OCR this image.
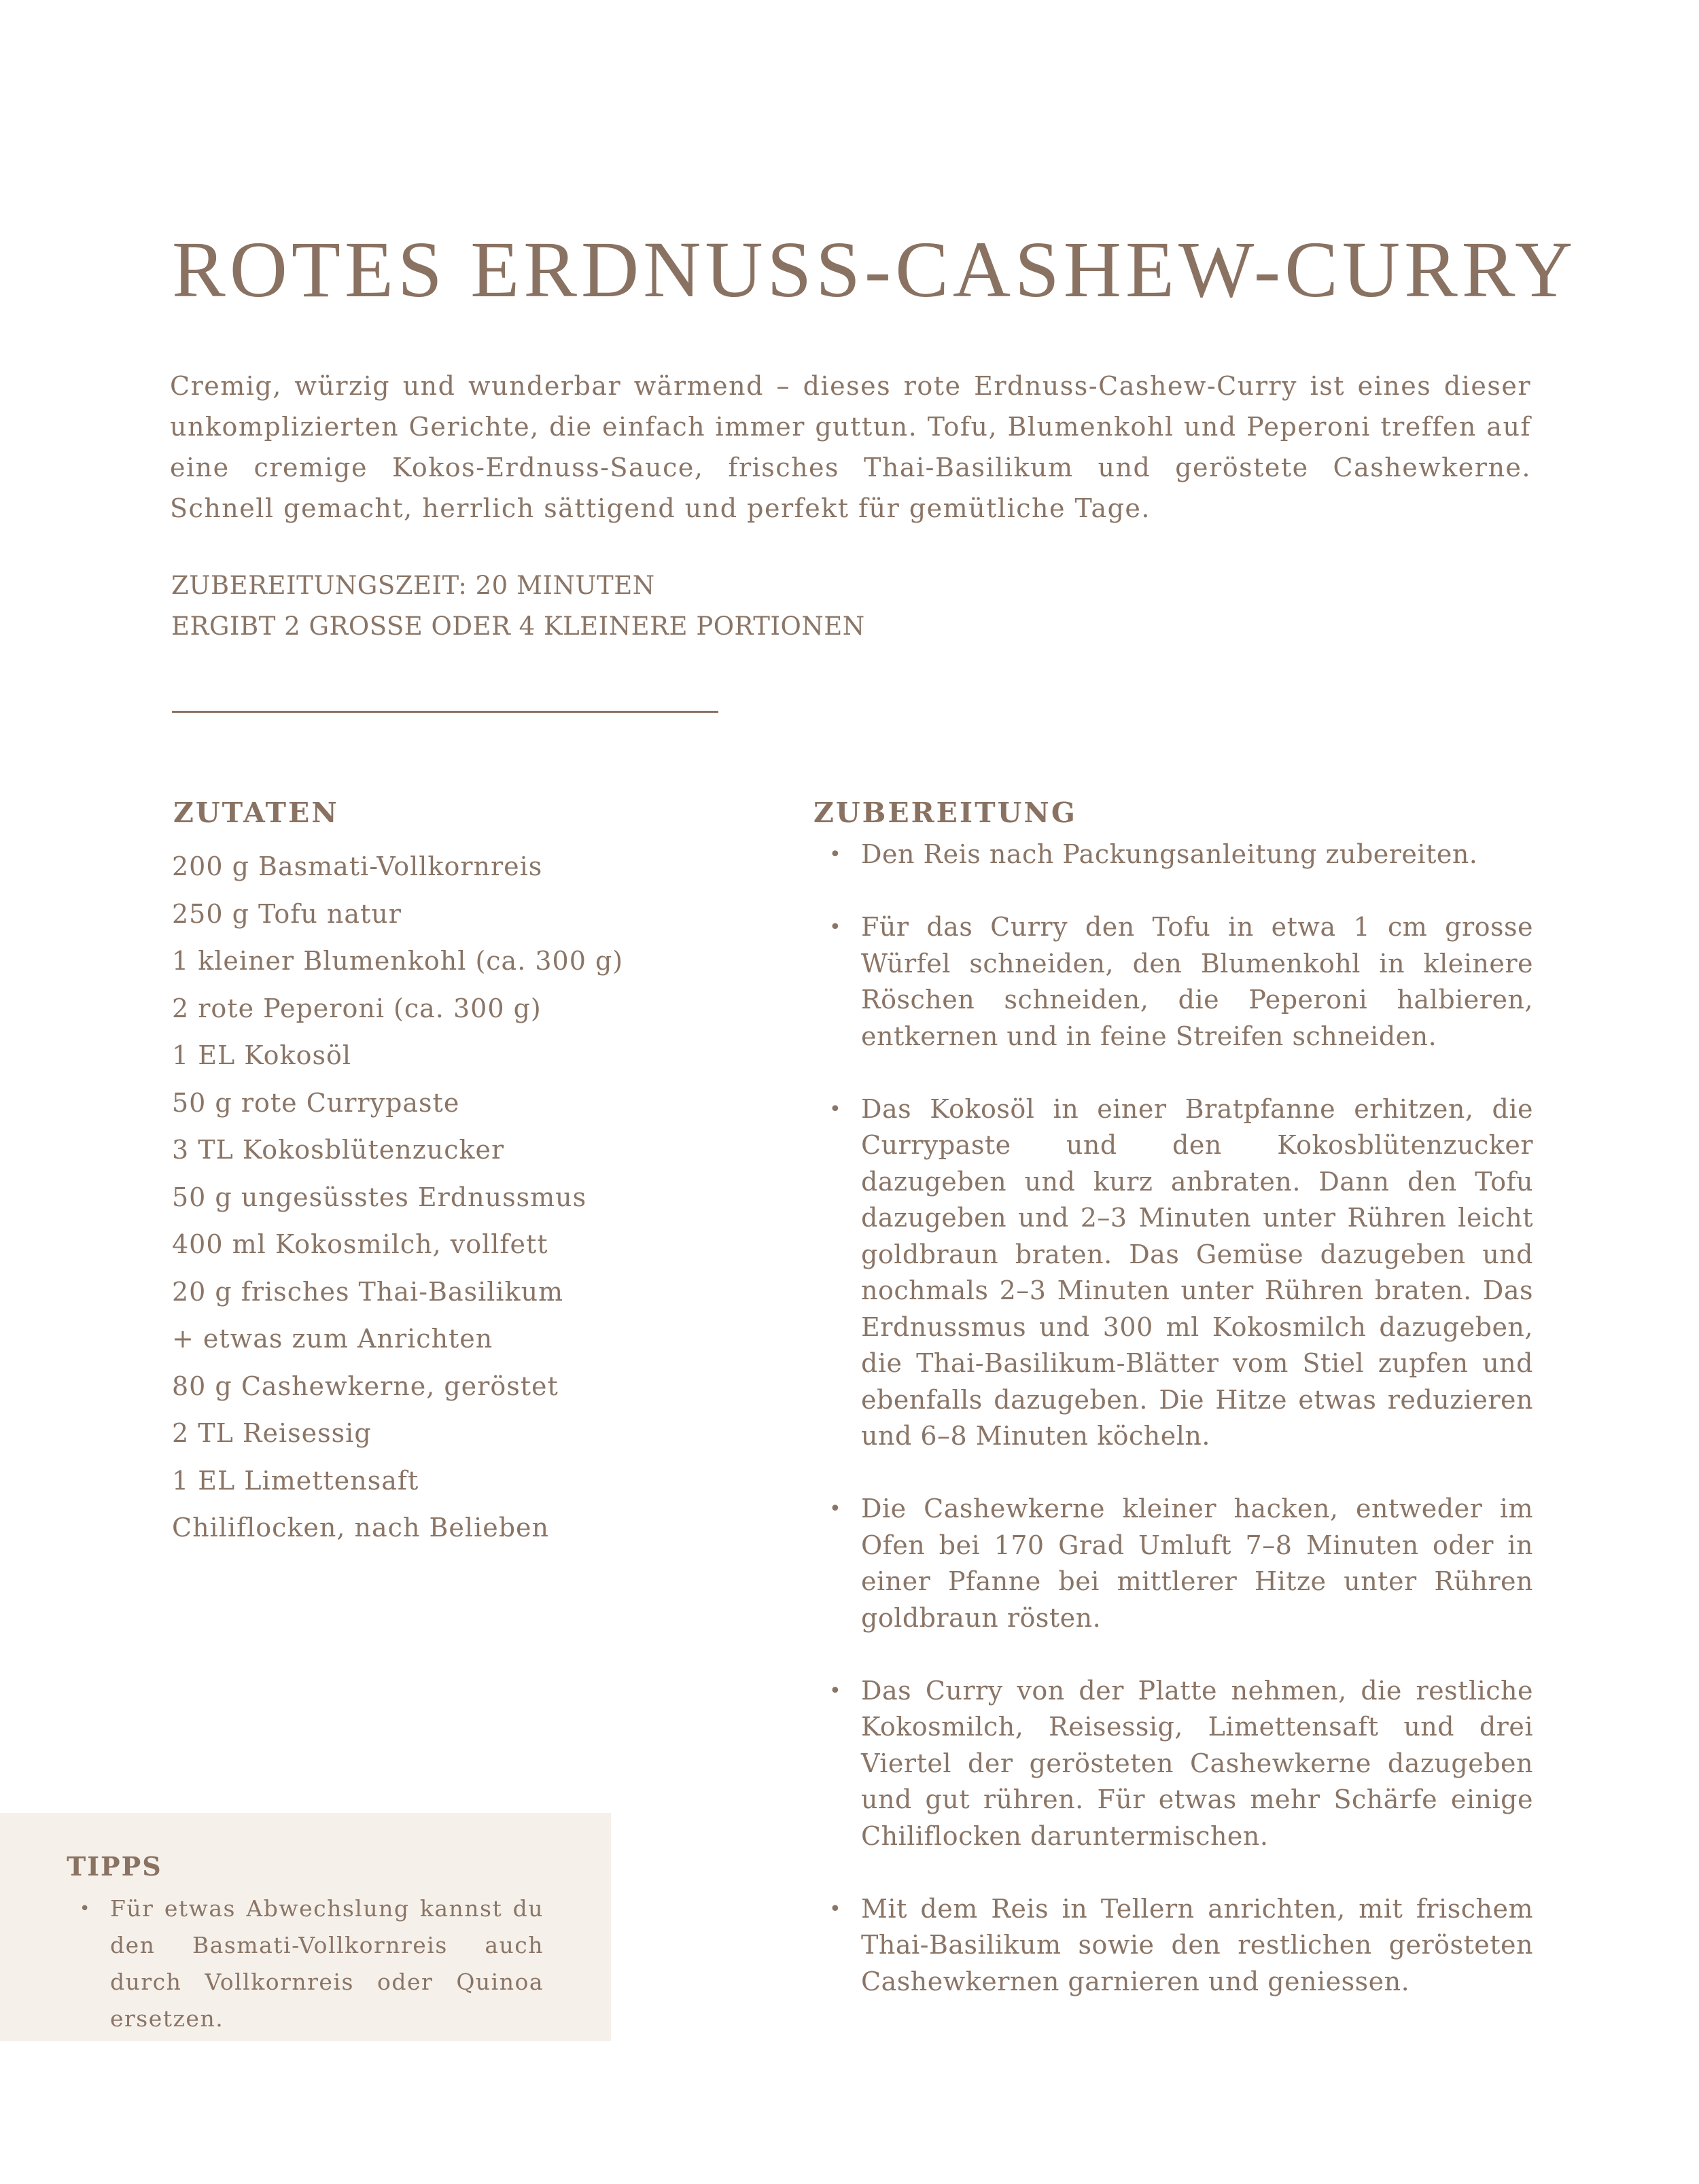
ROTES ERDNUSS-CASHEW-CURRY

Cremig, würzig und wunderbar wärmend – dieses rote Erdnuss-Cashew-Curry ist eines dieser unkomplizierten Gerichte, die einfach immer guttun. Tofu, Blumenkohl und Peperoni treffen auf eine cremige Kokos-Erdnuss-Sauce, frisches Thai-Basilikum und geröstete Cashewkerne. Schnell gemacht, herrlich sättigend und perfekt für gemütliche Tage.

ZUBEREITUNGSZEIT: 20 MINUTEN
ERGIBT 2 GROSSE ODER 4 KLEINERE PORTIONEN
ZUTATEN
200 g Basmati-Vollkornreis
250 g Tofu natur
1 kleiner Blumenkohl (ca. 300 g)
2 rote Peperoni (ca. 300 g)
1 EL Kokosöl
50 g rote Currypaste
3 TL Kokosblütenzucker
50 g ungesüsstes Erdnussmus
400 ml Kokosmilch, vollfett
20 g frisches Thai-Basilikum
+ etwas zum Anrichten
80 g Cashewkerne, geröstet
2 TL Reisessig
1 EL Limettensaft
Chiliflocken, nach Belieben
ZUBEREITUNG
• Den Reis nach Packungsanleitung zubereiten.
• Für das Curry den Tofu in etwa 1 cm grosse Würfel schneiden, den Blumenkohl in kleinere Röschen schneiden, die Peperoni halbieren, entkernen und in feine Streifen schneiden.
• Das Kokosöl in einer Bratpfanne erhitzen, die Currypaste und den Kokosblütenzucker dazugeben und kurz anbraten. Dann den Tofu dazugeben und 2–3 Minuten unter Rühren leicht goldbraun braten. Das Gemüse dazugeben und nochmals 2–3 Minuten unter Rühren braten. Das Erdnussmus und 300 ml Kokosmilch dazugeben, die Thai-Basilikum-Blätter vom Stiel zupfen und ebenfalls dazugeben. Die Hitze etwas reduzieren und 6–8 Minuten köcheln.
• Die Cashewkerne kleiner hacken, entweder im Ofen bei 170 Grad Umluft 7–8 Minuten oder in einer Pfanne bei mittlerer Hitze unter Rühren goldbraun rösten.
• Das Curry von der Platte nehmen, die restliche Kokosmilch, Reisessig, Limettensaft und drei Viertel der gerösteten Cashewkerne dazugeben und gut rühren. Für etwas mehr Schärfe einige Chiliflocken daruntermischen.
• Mit dem Reis in Tellern anrichten, mit frischem Thai-Basilikum sowie den restlichen gerösteten Cashewkernen garnieren und geniessen.
TIPPS
• Für etwas Abwechslung kannst du den Basmati-Vollkornreis auch durch Vollkornreis oder Quinoa ersetzen.
